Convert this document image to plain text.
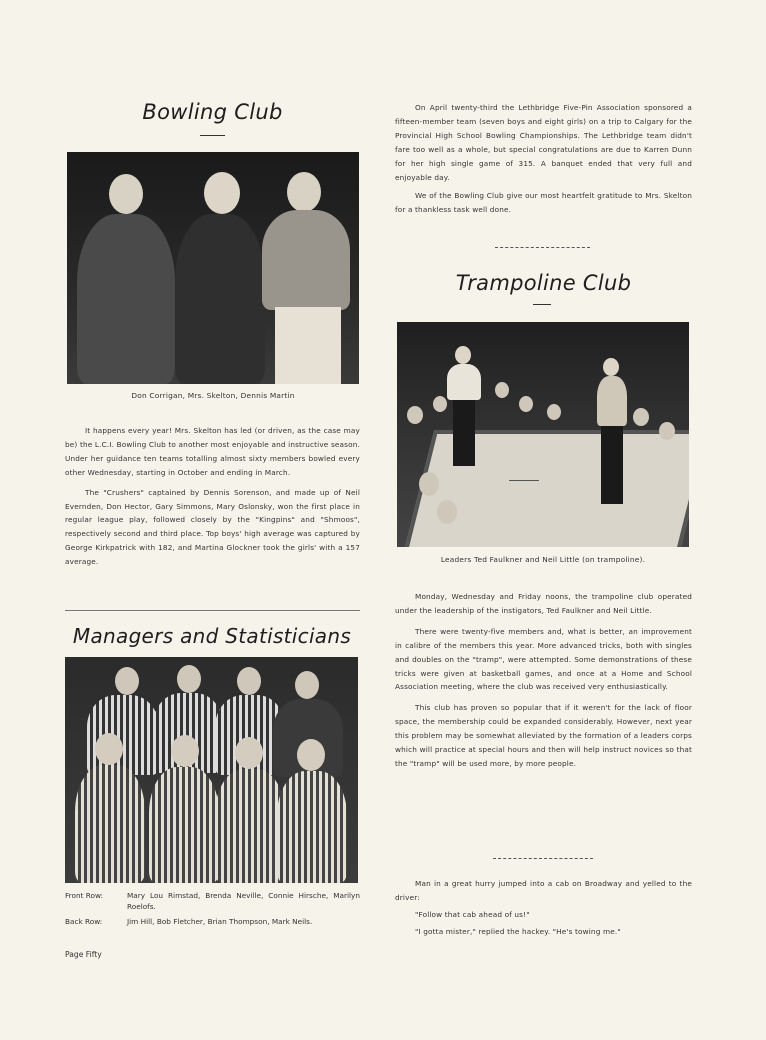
Bowling Club
Don Corrigan, Mrs. Skelton, Dennis Martin

It happens every year! Mrs. Skelton has led (or driven, as the case may be) the L.C.I. Bowling Club to another most enjoyable and instructive season. Under her guidance ten teams totalling almost sixty members bowled every other Wednesday, starting in October and ending in March.

The "Crushers" captained by Dennis Sorenson, and made up of Neil Evernden, Don Hector, Gary Simmons, Mary Oslonsky, won the first place in regular league play, followed closely by the "Kingpins" and "Shmoos", respectively second and third place. Top boys' high average was captured by George Kirkpatrick with 182, and Martina Glockner took the girls' with a 157 average.

Managers and Statisticians
Front Row:	Mary Lou Rimstad, Brenda Neville, Connie Hirsche, Marilyn Roelofs.
Back Row:	Jim Hill, Bob Fletcher, Brian Thompson, Mark Neils.
Page Fifty

On April twenty-third the Lethbridge Five-Pin Association sponsored a fifteen-member team (seven boys and eight girls) on a trip to Calgary for the Provincial High School Bowling Championships. The Lethbridge team didn't fare too well as a whole, but special congratulations are due to Karren Dunn for her high single game of 315. A banquet ended that very full and enjoyable day.

We of the Bowling Club give our most heartfelt gratitude to Mrs. Skelton for a thankless task well done.

Trampoline Club
Leaders Ted Faulkner and Neil Little (on trampoline).

Monday, Wednesday and Friday noons, the trampoline club operated under the leadership of the instigators, Ted Faulkner and Neil Little.

There were twenty-five members and, what is better, an improvement in calibre of the members this year. More advanced tricks, both with singles and doubles on the "tramp", were attempted. Some demonstrations of these tricks were given at basketball games, and once at a Home and School Association meeting, where the club was received very enthusiastically.

This club has proven so popular that if it weren't for the lack of floor space, the membership could be expanded considerably. However, next year this problem may be somewhat alleviated by the formation of a leaders corps which will practice at special hours and then will help instruct novices so that the "tramp" will be used more, by more people.

Man in a great hurry jumped into a cab on Broadway and yelled to the driver:

"Follow that cab ahead of us!"

"I gotta mister," replied the hackey. "He's towing me."
